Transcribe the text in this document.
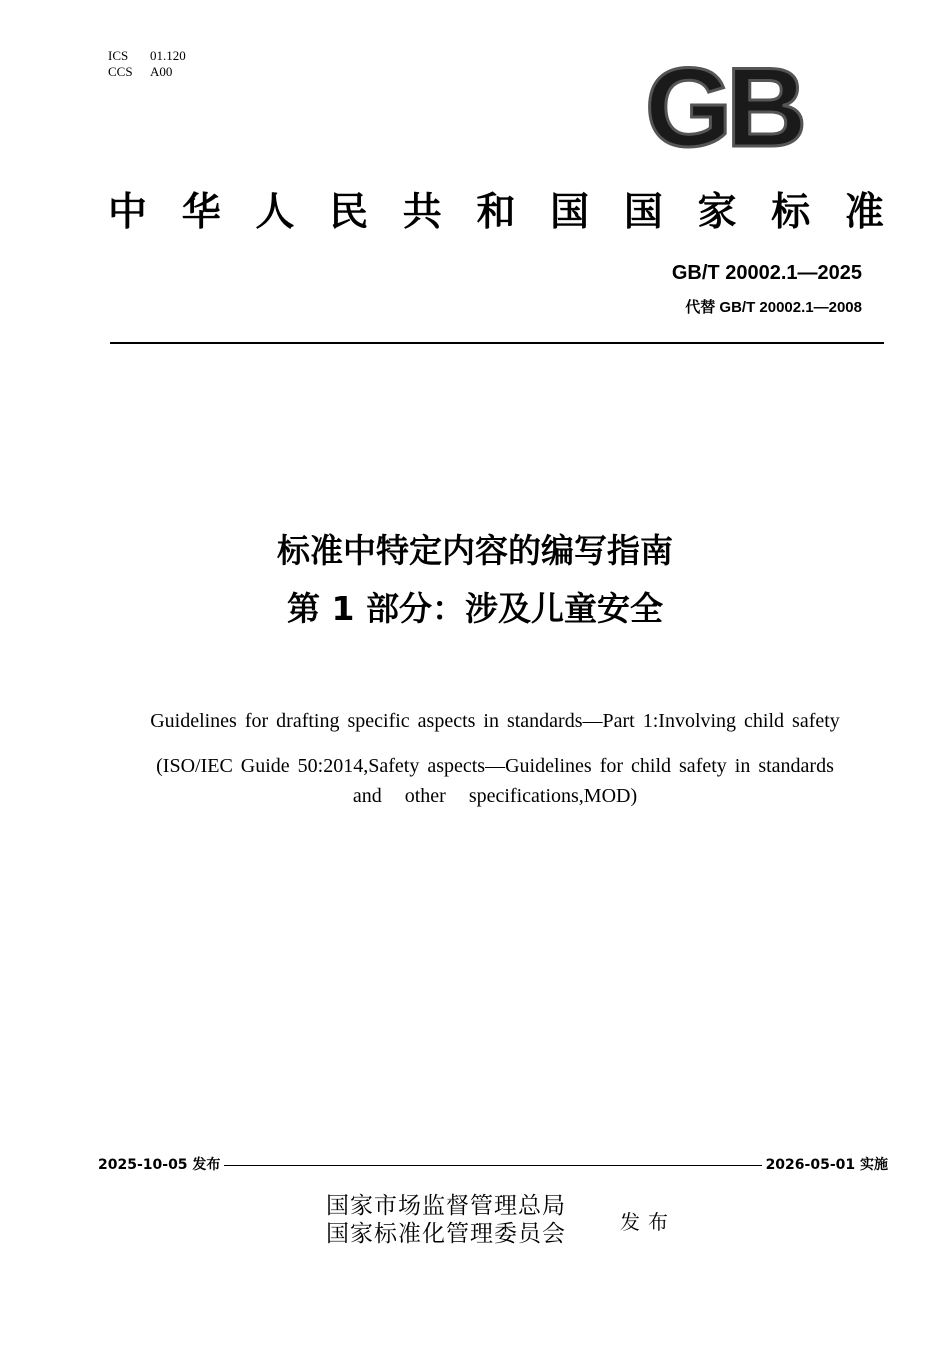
ICS 01.120
CCS A00	GB
中 华 人 民 共 和 国 国 家 标 准
GB/T 20002.1—2025
代替 GB/T 20002.1—2008
标准中特定内容的编写指南
第 1 部分：涉及儿童安全
Guidelines for drafting specific aspects in standards—Part 1:Involving child safety
(ISO/IEC Guide 50:2014,Safety aspects—Guidelines for child safety in standards
and other specifications,MOD)
2025-10-05 发布	2026-05-01 实施
国家市场监督管理总局
国家标准化管理委员会	发布
